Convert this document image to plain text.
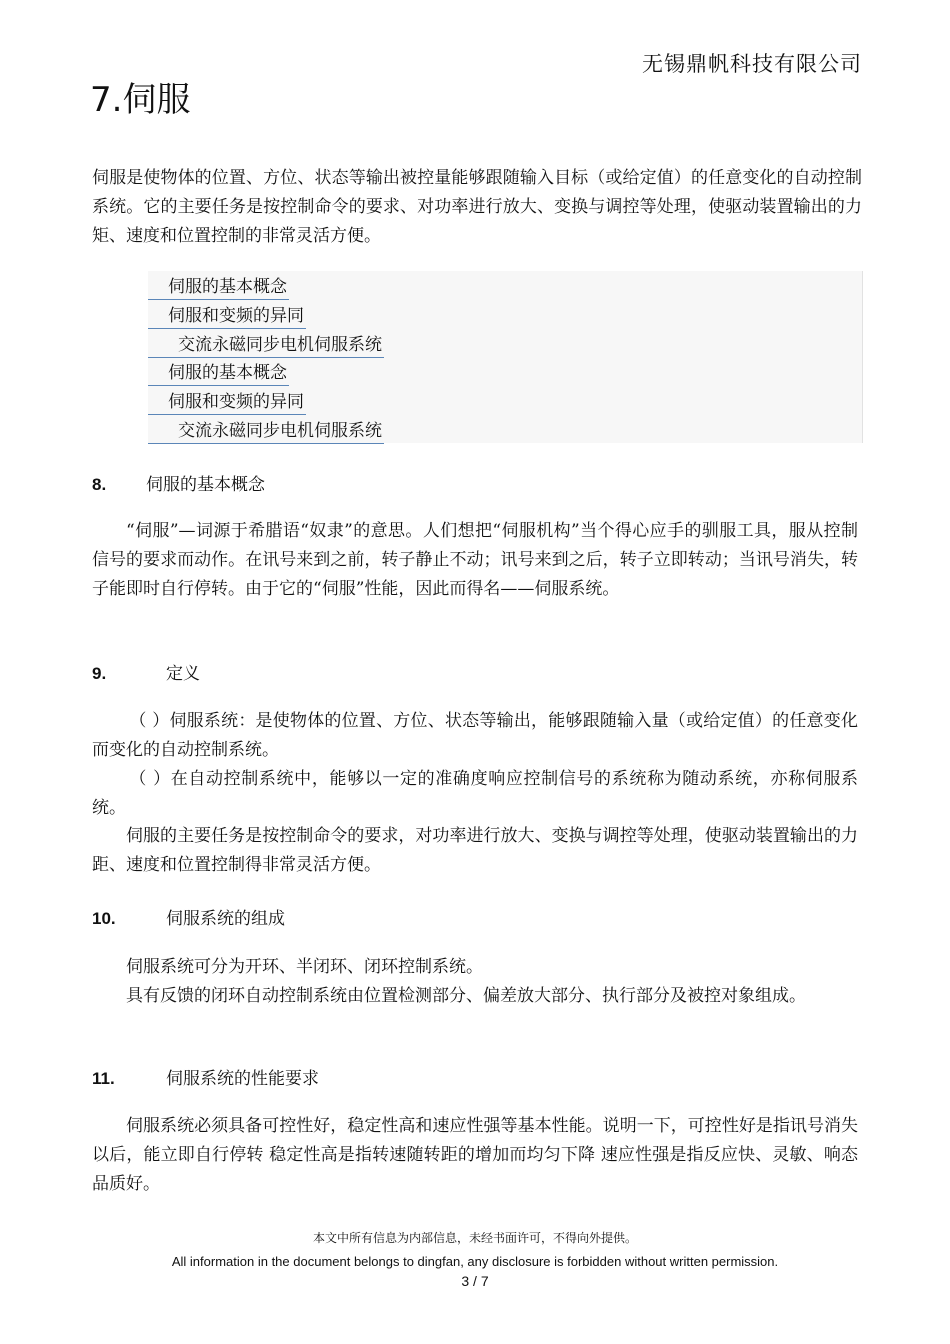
无锡鼎帆科技有限公司
7.伺服

伺服是使物体的位置、方位、状态等输出被控量能够跟随输入目标（或给定值）的任意变化的自动控制系统。它的主要任务是按控制命令的要求、对功率进行放大、变换与调控等处理，使驱动装置输出的力矩、速度和位置控制的非常灵活方便。

伺服的基本概念
伺服和变频的异同
交流永磁同步电机伺服系统
伺服的基本概念
伺服和变频的异同
交流永磁同步电机伺服系统
8. 伺服的基本概念

“伺服”—词源于希腊语“奴隶”的意思。人们想把“伺服机构”当个得心应手的驯服工具，服从控制信号的要求而动作。在讯号来到之前，转子静止不动；讯号来到之后，转子立即转动；当讯号消失，转子能即时自行停转。由于它的“伺服”性能，因此而得名——伺服系统。

9.	定义

（ ）伺服系统：是使物体的位置、方位、状态等输出，能够跟随输入量（或给定值）的任意变化而变化的自动控制系统。

（ ）在自动控制系统中，能够以一定的准确度响应控制信号的系统称为随动系统，亦称伺服系统。

伺服的主要任务是按控制命令的要求，对功率进行放大、变换与调控等处理，使驱动装置输出的力距、速度和位置控制得非常灵活方便。

10.	伺服系统的组成

伺服系统可分为开环、半闭环、闭环控制系统。

具有反馈的闭环自动控制系统由位置检测部分、偏差放大部分、执行部分及被控对象组成。

11.	伺服系统的性能要求

伺服系统必须具备可控性好，稳定性高和速应性强等基本性能。说明一下，可控性好是指讯号消失以后，能立即自行停转 稳定性高是指转速随转距的增加而均匀下降 速应性强是指反应快、灵敏、响态品质好。

本文中所有信息为内部信息，未经书面许可，不得向外提供。
All information in the document belongs to dingfan, any disclosure is forbidden without written permission.
3 / 7
